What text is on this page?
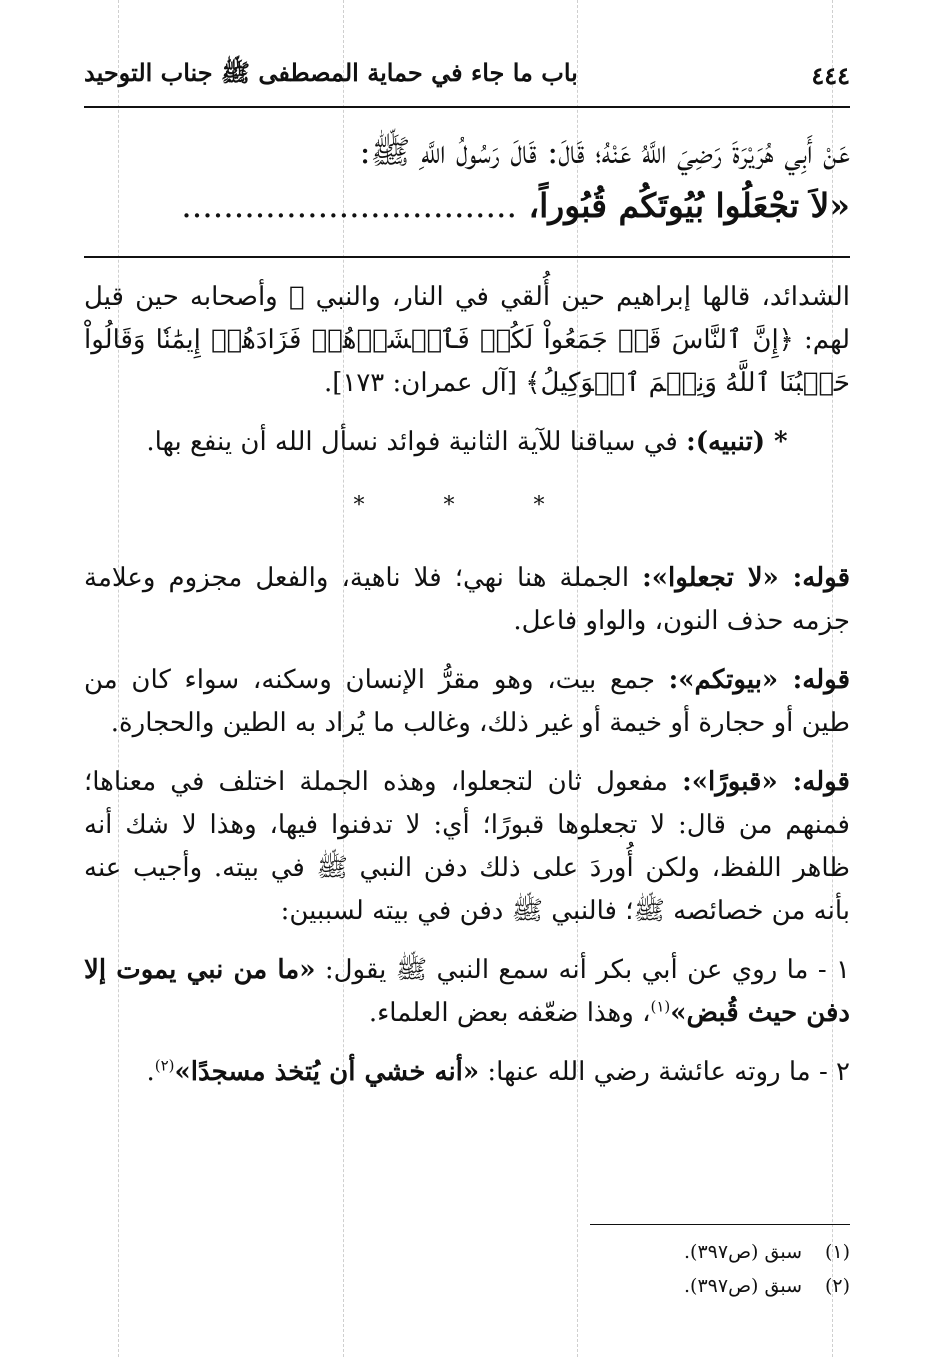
٤٤٤
باب ما جاء في حماية المصطفى ﷺ جناب التوحيد
عَنْ أَبِي هُرَيْرَةَ رَضِيَ اللَّهُ عَنْهُ؛ قَالَ: قَالَ رَسُولُ اللَّهِ ﷺ:
«لاَ تجْعَلُوا بُيُوتَكُم قُبُوراً، ................................

الشدائد، قالها إبراهيم حين أُلقي في النار، والنبي ﷺ وأصحابه حين قيل لهم: ﴿إِنَّ ٱلنَّاسَ قَدۡ جَمَعُواْ لَكُمۡ فَٱخۡشَوۡهُمۡ فَزَادَهُمۡ إِيمَٰنٗا وَقَالُواْ حَسۡبُنَا ٱللَّهُ وَنِعۡمَ ٱلۡوَكِيلُ﴾ [آل عمران: ١٧٣].

* (تنبيه): في سياقنا للآية الثانية فوائد نسأل الله أن ينفع بها.

* * *

قوله: «لا تجعلوا»: الجملة هنا نهي؛ فلا ناهية، والفعل مجزوم وعلامة جزمه حذف النون، والواو فاعل.

قوله: «بيوتكم»: جمع بيت، وهو مقرُّ الإنسان وسكنه، سواء كان من طين أو حجارة أو خيمة أو غير ذلك، وغالب ما يُراد به الطين والحجارة.

قوله: «قبورًا»: مفعول ثان لتجعلوا، وهذه الجملة اختلف في معناها؛ فمنهم من قال: لا تجعلوها قبورًا؛ أي: لا تدفنوا فيها، وهذا لا شك أنه ظاهر اللفظ، ولكن أُوردَ على ذلك دفن النبي ﷺ في بيته. وأجيب عنه بأنه من خصائصه ﷺ؛ فالنبي ﷺ دفن في بيته لسببين:

١ - ما روي عن أبي بكر أنه سمع النبي ﷺ يقول: «ما من نبي يموت إلا دفن حيث قُبض»$^{(١)}$، وهذا ضعّفه بعض العلماء.

٢ - ما روته عائشة رضي الله عنها: «أنه خشي أن يُتخذ مسجدًا»$^{(٢)}$.

(١)
سبق (ص٣٩٧).
(٢)
سبق (ص٣٩٧).
